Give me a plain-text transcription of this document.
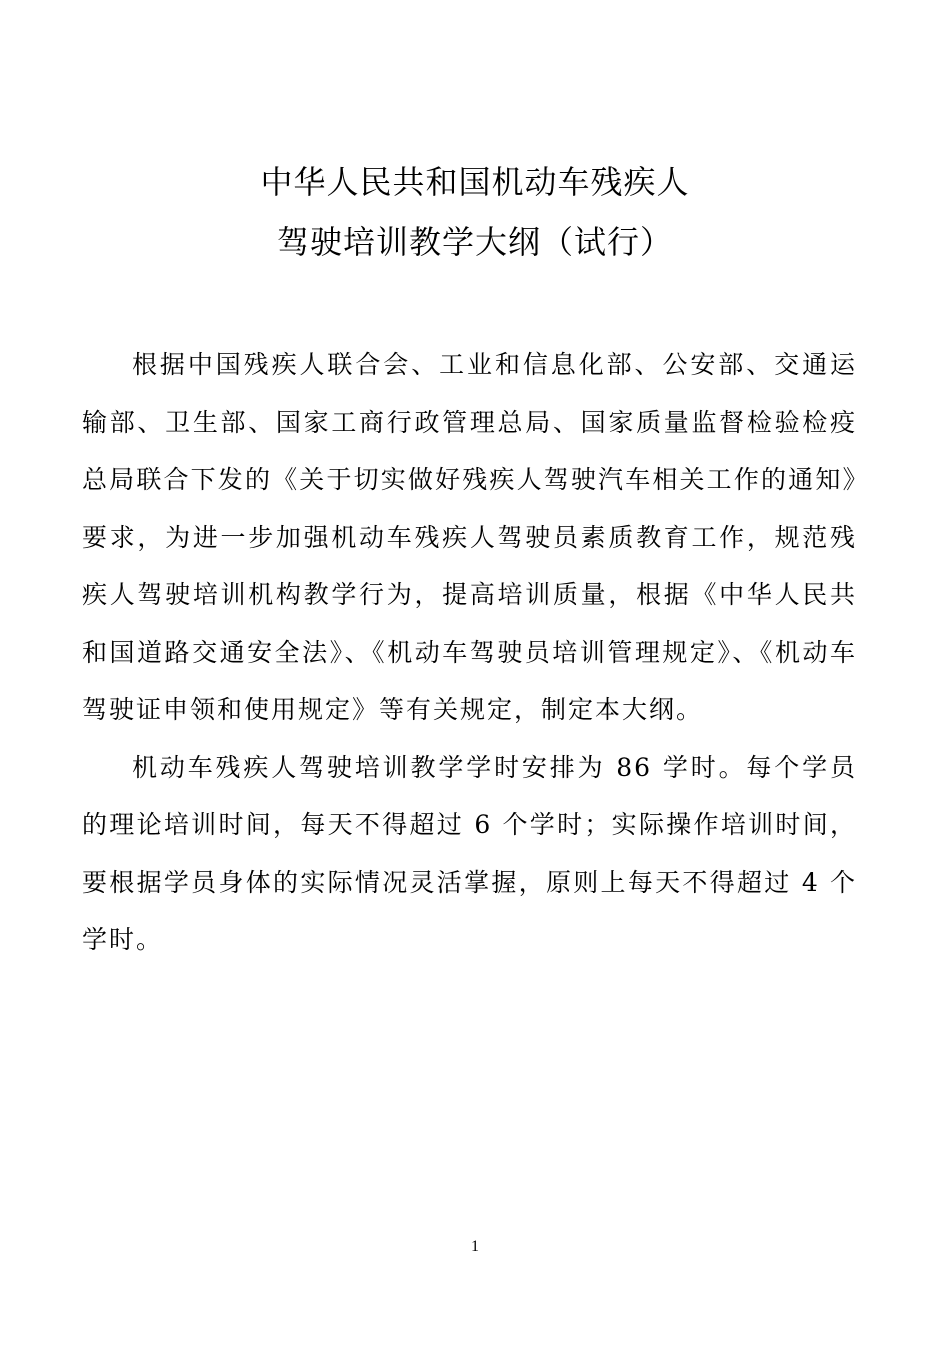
中华人民共和国机动车残疾人
驾驶培训教学大纲（试行）

根据中国残疾人联合会、工业和信息化部、公安部、交通运输部、卫生部、国家工商行政管理总局、国家质量监督检验检疫总局联合下发的《关于切实做好残疾人驾驶汽车相关工作的通知》要求，为进一步加强机动车残疾人驾驶员素质教育工作，规范残疾人驾驶培训机构教学行为，提高培训质量，根据《中华人民共和国道路交通安全法》、《机动车驾驶员培训管理规定》、《机动车驾驶证申领和使用规定》等有关规定，制定本大纲。

机动车残疾人驾驶培训教学学时安排为 86 学时。每个学员的理论培训时间，每天不得超过 6 个学时；实际操作培训时间，要根据学员身体的实际情况灵活掌握，原则上每天不得超过 4 个学时。

1
